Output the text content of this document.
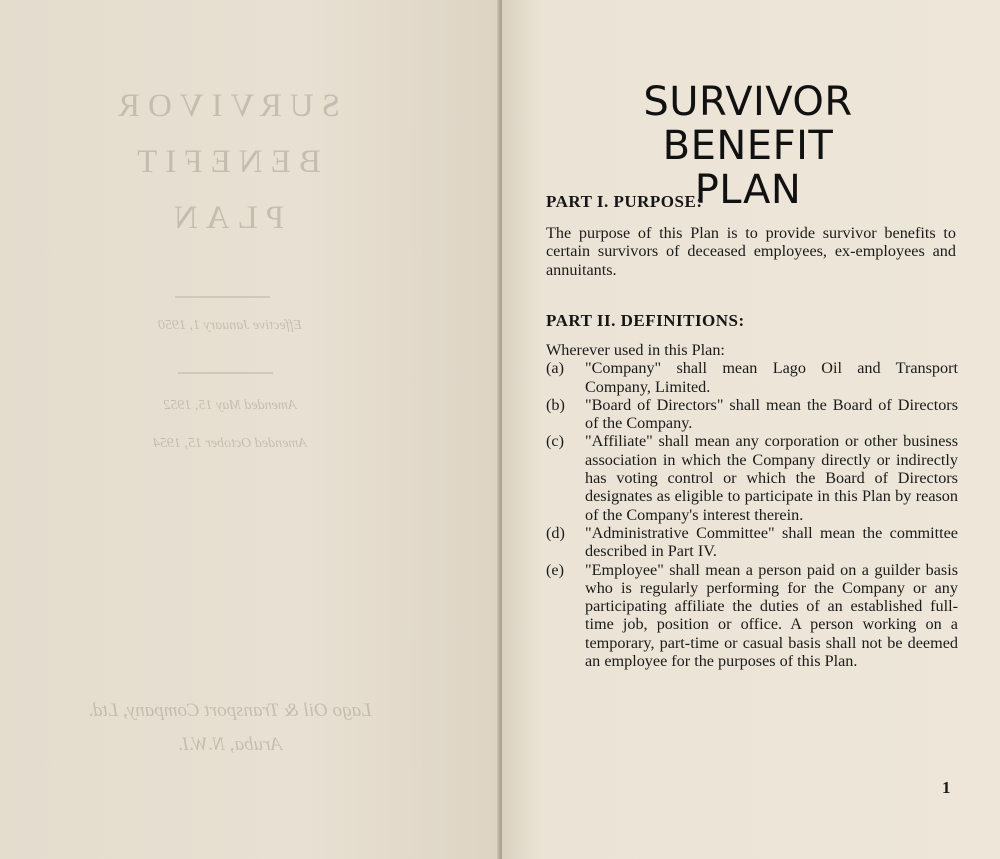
SURVIVOR
BENEFIT PLAN
Effective January 1, 1950
Amended May 15, 1952
Amended October 15, 1954
Lago Oil & Transport Company, Ltd.
Aruba, N.W.I.
SURVIVOR
BENEFIT PLAN
PART I. PURPOSE:
The purpose of this Plan is to provide survivor benefits to certain survivors of deceased employees, ex-employees and annuitants.
PART II. DEFINITIONS:
Wherever used in this Plan:
(a)	"Company" shall mean Lago Oil and Transport Company, Limited.
(b)	"Board of Directors" shall mean the Board of Directors of the Company.
(c)	"Affiliate" shall mean any corporation or other business association in which the Company directly or indirectly has voting control or which the Board of Directors designates as eligible to participate in this Plan by reason of the Company's interest therein.
(d)	"Administrative Committee" shall mean the committee described in Part IV.
(e)	"Employee" shall mean a person paid on a guilder basis who is regularly performing for the Company or any participating affiliate the duties of an established full-time job, position or office. A person working on a temporary, part-time or casual basis shall not be deemed an employee for the purposes of this Plan.
1
